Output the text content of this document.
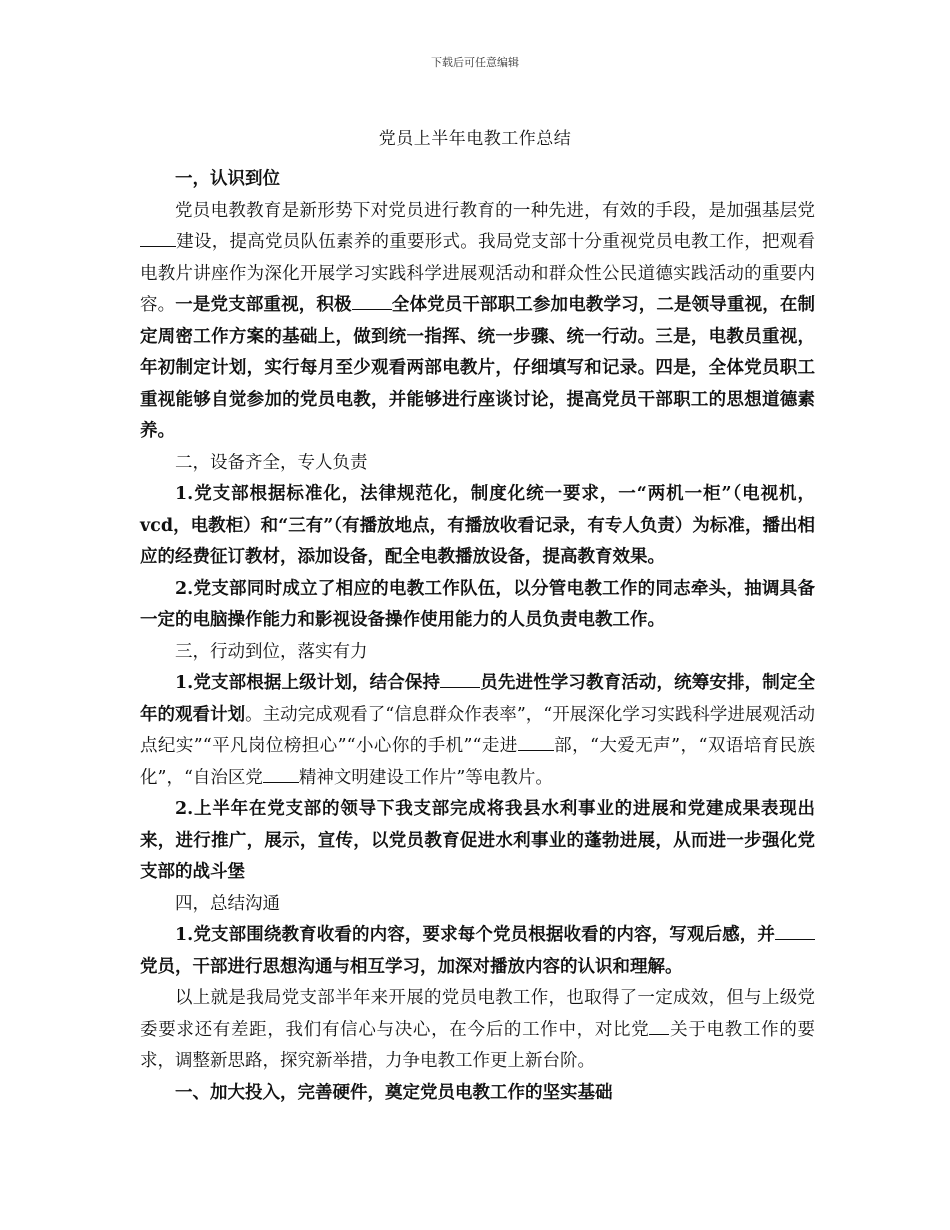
下载后可任意编辑
党员上半年电教工作总结

一，认识到位

党员电教教育是新形势下对党员进行教育的一种先进，有效的手段，是加强基层党建设，提高党员队伍素养的重要形式。我局党支部十分重视党员电教工作，把观看电教片讲座作为深化开展学习实践科学进展观活动和群众性公民道德实践活动的重要内容。一是党支部重视，积极 全体党员干部职工参加电教学习，二是领导重视，在制定周密工作方案的基础上，做到统一指挥、统一步骤、统一行动。三是，电教员重视，年初制定计划，实行每月至少观看两部电教片，仔细填写和记录。四是，全体党员职工重视能够自觉参加的党员电教，并能够进行座谈讨论，提高党员干部职工的思想道德素养。

二，设备齐全，专人负责

1.党支部根据标准化，法律规范化，制度化统一要求，一“两机一柜”（电视机，vcd，电教柜）和“三有”（有播放地点，有播放收看记录，有专人负责）为标准，播出相应的经费征订教材，添加设备，配全电教播放设备，提高教育效果。

2.党支部同时成立了相应的电教工作队伍，以分管电教工作的同志牵头，抽调具备一定的电脑操作能力和影视设备操作使用能力的人员负责电教工作。

三，行动到位，落实有力

1.党支部根据上级计划，结合保持 员先进性学习教育活动，统筹安排，制定全年的观看计划。主动完成观看了“信息群众作表率”，“开展深化学习实践科学进展观活动点纪实”“平凡岗位榜担心”“小心你的手机”“走进 部，“大爱无声”，“双语培育民族化”，“自治区党 精神文明建设工作片”等电教片。

2.上半年在党支部的领导下我支部完成将我县水利事业的进展和党建成果表现出来，进行推广，展示，宣传，以党员教育促进水利事业的蓬勃进展，从而进一步强化党支部的战斗堡

四，总结沟通

1.党支部围绕教育收看的内容，要求每个党员根据收看的内容，写观后感，并党员，干部进行思想沟通与相互学习，加深对播放内容的认识和理解。

以上就是我局党支部半年来开展的党员电教工作，也取得了一定成效，但与上级党委要求还有差距，我们有信心与决心，在今后的工作中，对比党 关于电教工作的要求，调整新思路，探究新举措，力争电教工作更上新台阶。

一、加大投入，完善硬件，奠定党员电教工作的坚实基础
